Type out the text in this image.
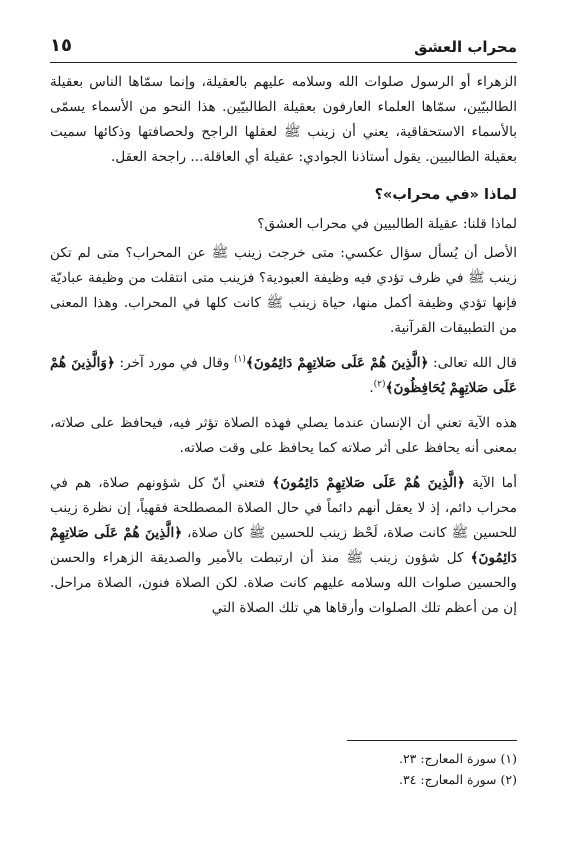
محراب العشق
١٥

الزهراء أو الرسول صلوات الله وسلامه عليهم بالعقيلة، وإنما سمّاها الناس بعقيلة الطالبيّين، سمّاها العلماء العارفون بعقيلة الطالبيّين. هذا النحو من الأسماء يسمّى بالأسماء الاستحقاقية، يعني أن زينب ﷺ لعقلها الراجح ولحصافتها وذكائها سميت بعقيلة الطالبيين. يقول أستاذنا الجوادي: عقيلة أي العاقلة... راجحة العقل.

لماذا «في محراب»؟

لماذا قلنا: عقيلة الطالبيين في محراب العشق؟

الأصل أن يُسأل سؤال عكسي: متى خرجت زينب ﷺ عن المحراب؟ متى لم تكن زينب ﷺ في ظرف تؤدي فيه وظيفة العبودية؟ فزينب متى انتقلت من وظيفة عباديّة فإنها تؤدي وظيفة أكمل منها، حياة زينب ﷺ كانت كلها في المحراب. وهذا المعنى من التطبيقات القرآنية.

قال الله تعالى: ﴿الَّذِينَ هُمْ عَلَى صَلاتِهِمْ دَائِمُونَ﴾$^{(١)}$ وقال في مورد آخر: ﴿وَالَّذِينَ هُمْ عَلَى صَلاتِهِمْ يُحَافِظُونَ﴾$^{(٢)}$.

هذه الآية تعني أن الإنسان عندما يصلي فهذه الصلاة تؤثر فيه، فيحافظ على صلاته، بمعنى أنه يحافظ على أثر صلاته كما يحافظ على وقت صلاته.

أما الآية ﴿الَّذِينَ هُمْ عَلَى صَلاتِهِمْ دَائِمُونَ﴾ فتعني أنّ كل شؤونهم صلاة، هم في محراب دائم، إذ لا يعقل أنهم دائماً في حال الصلاة المصطلحة فقهياً، إن نظرة زينب للحسين ﷺ كانت صلاة، لَحْظ زينب للحسين ﷺ كان صلاة، ﴿الَّذِينَ هُمْ عَلَى صَلاتِهِمْ دَائِمُونَ﴾ كل شؤون زينب ﷺ منذ أن ارتبطت بالأمير والصديقة الزهراء والحسن والحسين صلوات الله وسلامه عليهم كانت صلاة. لكن الصلاة فنون، الصلاة مراحل. إن من أعظم تلك الصلوات وأرقاها هي تلك الصلاة التي

(١) سورة المعارج: ٢٣.
(٢) سورة المعارج: ٣٤.
